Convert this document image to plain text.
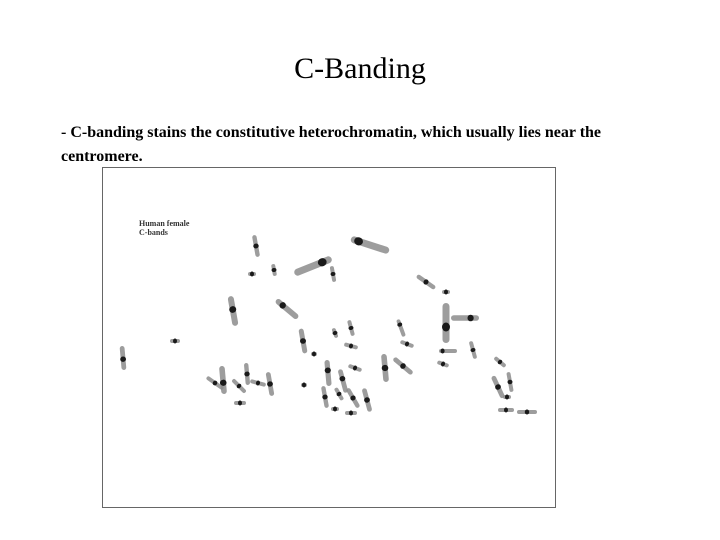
C-Banding
- C-banding stains the constitutive heterochromatin, which usually lies near the centromere.
Human female
C-bands
